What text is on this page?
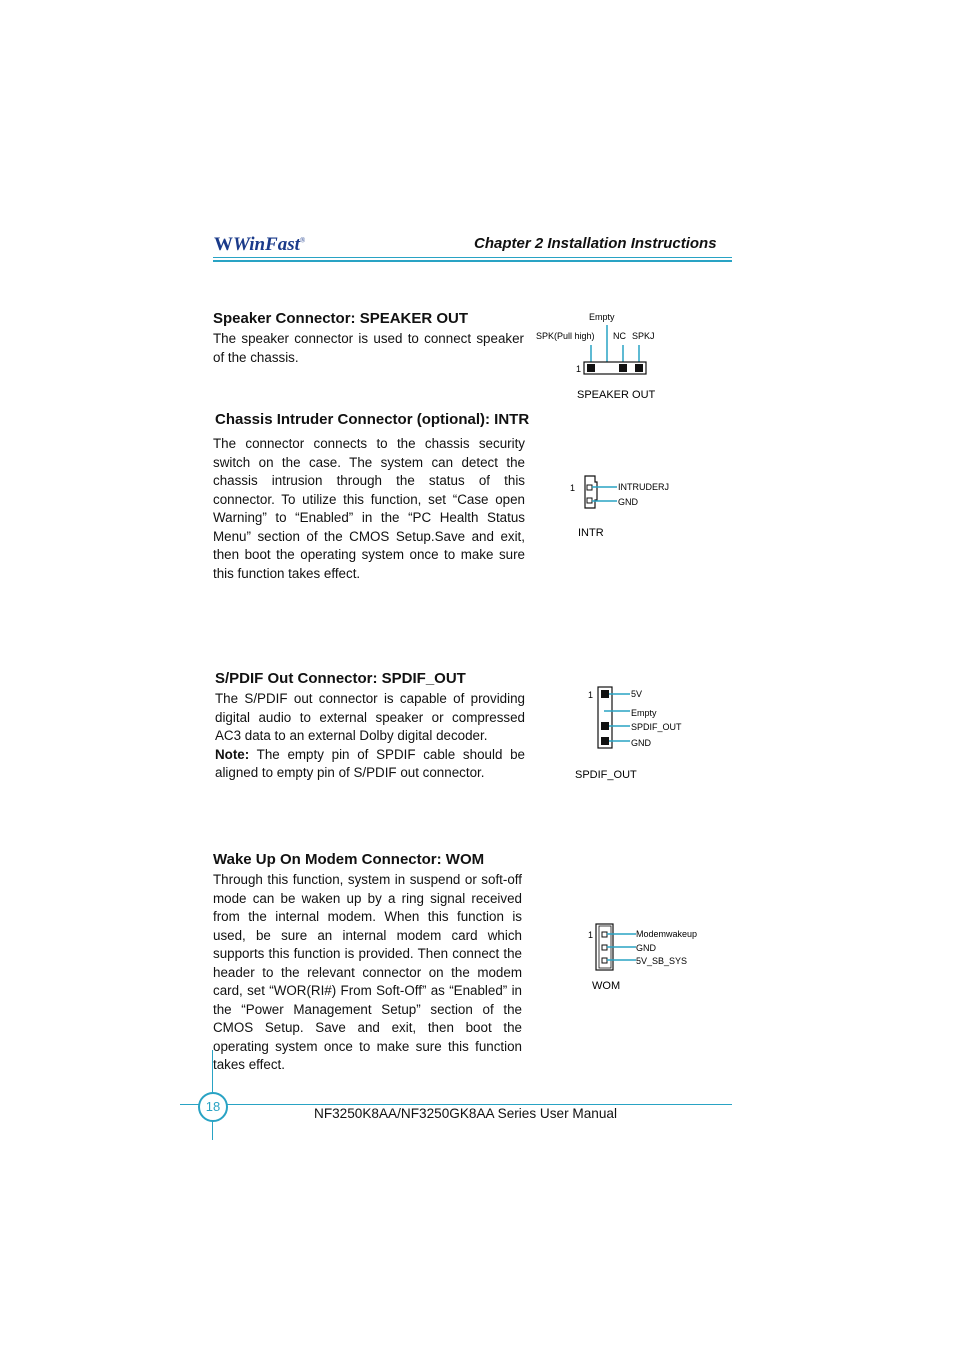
WWinFast®	Chapter 2 Installation Instructions
Speaker Connector: SPEAKER OUT
The speaker connector is used to connect speaker of the chassis.
Empty
SPK(Pull high) NC SPKJ
1
SPEAKER OUT
Chassis Intruder Connector (optional): INTR
The connector connects to the chassis security switch on the case. The system can detect the chassis intrusion through the status of this connector. To utilize this function, set “Case open Warning” to “Enabled” in the “PC Health Status Menu” section of the CMOS Setup.Save and exit, then boot the operating system once to make sure this function takes effect.
1	INTRUDERJ
GND
INTR
S/PDIF Out Connector: SPDIF_OUT
The S/PDIF out connector is capable of providing digital audio to external speaker or compressed AC3 data to an external Dolby digital decoder.
Note: The empty pin of SPDIF cable should be aligned to empty pin of S/PDIF out connector.
1	5V
Empty
SPDIF_OUT
GND
SPDIF_OUT
Wake Up On Modem Connector: WOM
Through this function, system in suspend or soft-off mode can be waken up by a ring signal received from the internal modem. When this function is used, be sure an internal modem card which supports this function is provided. Then connect the header to the relevant connector on the modem card, set “WOR(RI#) From Soft-Off” as “Enabled” in the “Power Management Setup” section of the CMOS Setup. Save and exit, then boot the operating system once to make sure this function takes effect.
1	Modemwakeup
GND
5V_SB_SYS
WOM
18	NF3250K8AA/NF3250GK8AA Series User Manual
